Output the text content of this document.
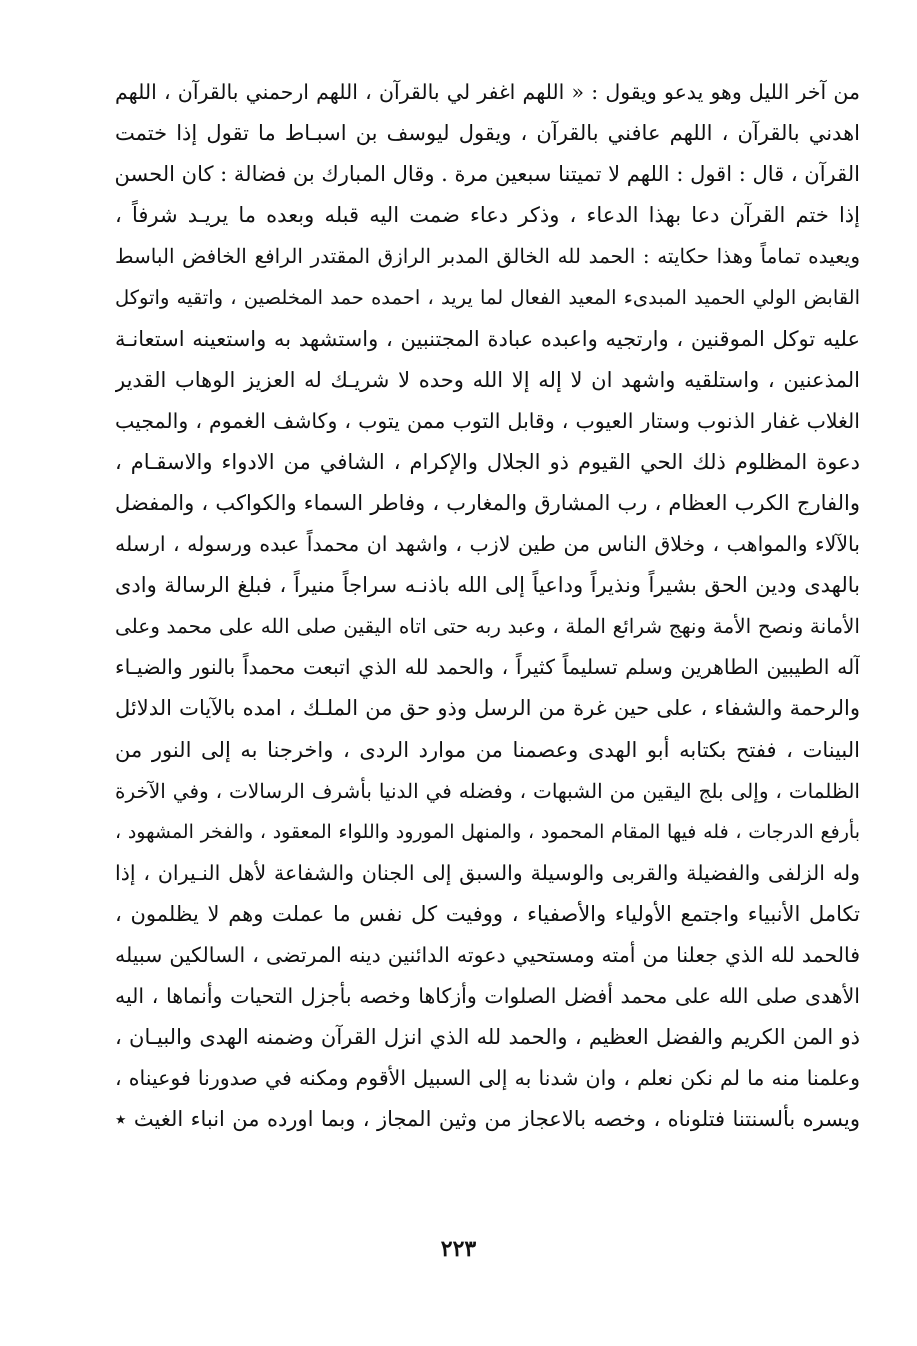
من آخر الليل وهو يدعو ويقول : « اللهم اغفر لي بالقرآن ، اللهم ارحمني بالقرآن ، اللهم
اهدني بالقرآن ، اللهم عافني بالقرآن ، ويقول ليوسف بن اسبـاط ما تقول إذا ختمت
القرآن ، قال : اقول : اللهم لا تميتنا سبعين مرة . وقال المبارك بن فضالة : كان الحسن
إذا ختم القرآن دعا بهذا الدعاء ، وذكر دعاء ضمت اليه قبله وبعده ما يريـد شرفاً ،
ويعيده تماماً وهذا حكايته : الحمد لله الخالق المدبر الرازق المقتدر الرافع الخافض الباسط
القابض الولي الحميد المبدىء المعيد الفعال لما يريد ، احمده حمد المخلصين ، واتقيه واتوكل
عليه توكل الموقنين ، وارتجيه واعبده عبادة المجتنبين ، واستشهد به واستعينه استعانـة
المذعنين ، واستلقيه واشهد ان لا إله إلا الله وحده لا شريـك له العزيز الوهاب القدير
الغلاب غفار الذنوب وستار العيوب ، وقابل التوب ممن يتوب ، وكاشف الغموم ، والمجيب
دعوة المظلوم ذلك الحي القيوم ذو الجلال والإكرام ، الشافي من الادواء والاسقـام ،
والفارج الكرب العظام ، رب المشارق والمغارب ، وفاطر السماء والكواكب ، والمفضل
بالآلاء والمواهب ، وخلاق الناس من طين لازب ، واشهد ان محمداً عبده ورسوله ، ارسله
بالهدى ودين الحق بشيراً ونذيراً وداعياً إلى الله باذنـه سراجاً منيراً ، فبلغ الرسالة وادى
الأمانة ونصح الأمة ونهج شرائع الملة ، وعبد ربه حتى اتاه اليقين صلى الله على محمد وعلى
آله الطيبين الطاهرين وسلم تسليماً كثيراً ، والحمد لله الذي اتبعت محمداً بالنور والضيـاء
والرحمة والشفاء ، على حين غرة من الرسل وذو حق من الملـك ، امده بالآيات الدلائل
البينات ، ففتح بكتابه أبو الهدى وعصمنا من موارد الردى ، واخرجنا به إلى النور من
الظلمات ، وإلى بلج اليقين من الشبهات ، وفضله في الدنيا بأشرف الرسالات ، وفي الآخرة
بأرفع الدرجات ، فله فيها المقام المحمود ، والمنهل المورود واللواء المعقود ، والفخر المشهود ،
وله الزلفى والفضيلة والقربى والوسيلة والسبق إلى الجنان والشفاعة لأهل النـيران ، إذا
تكامل الأنبياء واجتمع الأولياء والأصفياء ، ووفيت كل نفس ما عملت وهم لا يظلمون ،
فالحمد لله الذي جعلنا من أمته ومستحيي دعوته الدائنين دينه المرتضى ، السالكين سبيله
الأهدى صلى الله على محمد أفضل الصلوات وأزكاها وخصه بأجزل التحيات وأنماها ، اليه
ذو المن الكريم والفضل العظيم ، والحمد لله الذي انزل القرآن وضمنه الهدى والبيـان ،
وعلمنا منه ما لم نكن نعلم ، وان شدنا به إلى السبيل الأقوم ومكنه في صدورنا فوعيناه ،
ويسره بألسنتنا فتلوناه ، وخصه بالاعجاز من وثين المجاز ، وبما اورده من انباء الغيث ٭
٢٢٣
